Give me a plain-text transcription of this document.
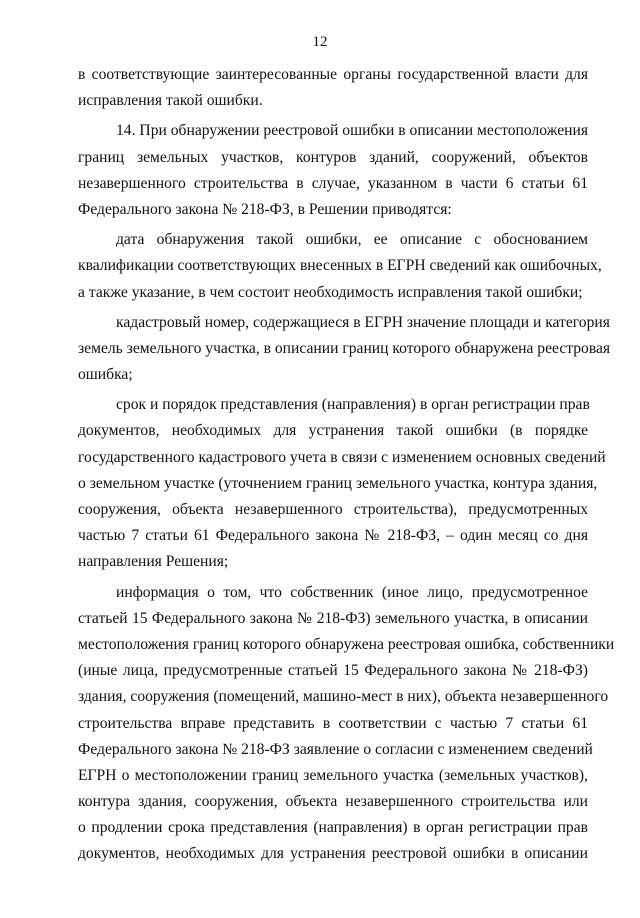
12
в соответствующие заинтересованные органы государственной власти для
исправления такой ошибки.
14. При обнаружении реестровой ошибки в описании местоположения
границ земельных участков, контуров зданий, сооружений, объектов
незавершенного строительства в случае, указанном в части 6 статьи 61
Федерального закона № 218-ФЗ, в Решении приводятся:
дата обнаружения такой ошибки, ее описание с обоснованием
квалификации соответствующих внесенных в ЕГРН сведений как ошибочных,
а также указание, в чем состоит необходимость исправления такой ошибки;
кадастровый номер, содержащиеся в ЕГРН значение площади и категория
земель земельного участка, в описании границ которого обнаружена реестровая
ошибка;
срок и порядок представления (направления) в орган регистрации прав
документов, необходимых для устранения такой ошибки (в порядке
государственного кадастрового учета в связи с изменением основных сведений
о земельном участке (уточнением границ земельного участка, контура здания,
сооружения, объекта незавершенного строительства), предусмотренных
частью 7 статьи 61 Федерального закона № 218-ФЗ, – один месяц со дня
направления Решения;
информация о том, что собственник (иное лицо, предусмотренное
статьей 15 Федерального закона № 218-ФЗ) земельного участка, в описании
местоположения границ которого обнаружена реестровая ошибка, собственники
(иные лица, предусмотренные статьей 15 Федерального закона № 218-ФЗ)
здания, сооружения (помещений, машино-мест в них), объекта незавершенного
строительства вправе представить в соответствии с частью 7 статьи 61
Федерального закона № 218-ФЗ заявление о согласии с изменением сведений
ЕГРН о местоположении границ земельного участка (земельных участков),
контура здания, сооружения, объекта незавершенного строительства или
о продлении срока представления (направления) в орган регистрации прав
документов, необходимых для устранения реестровой ошибки в описании
